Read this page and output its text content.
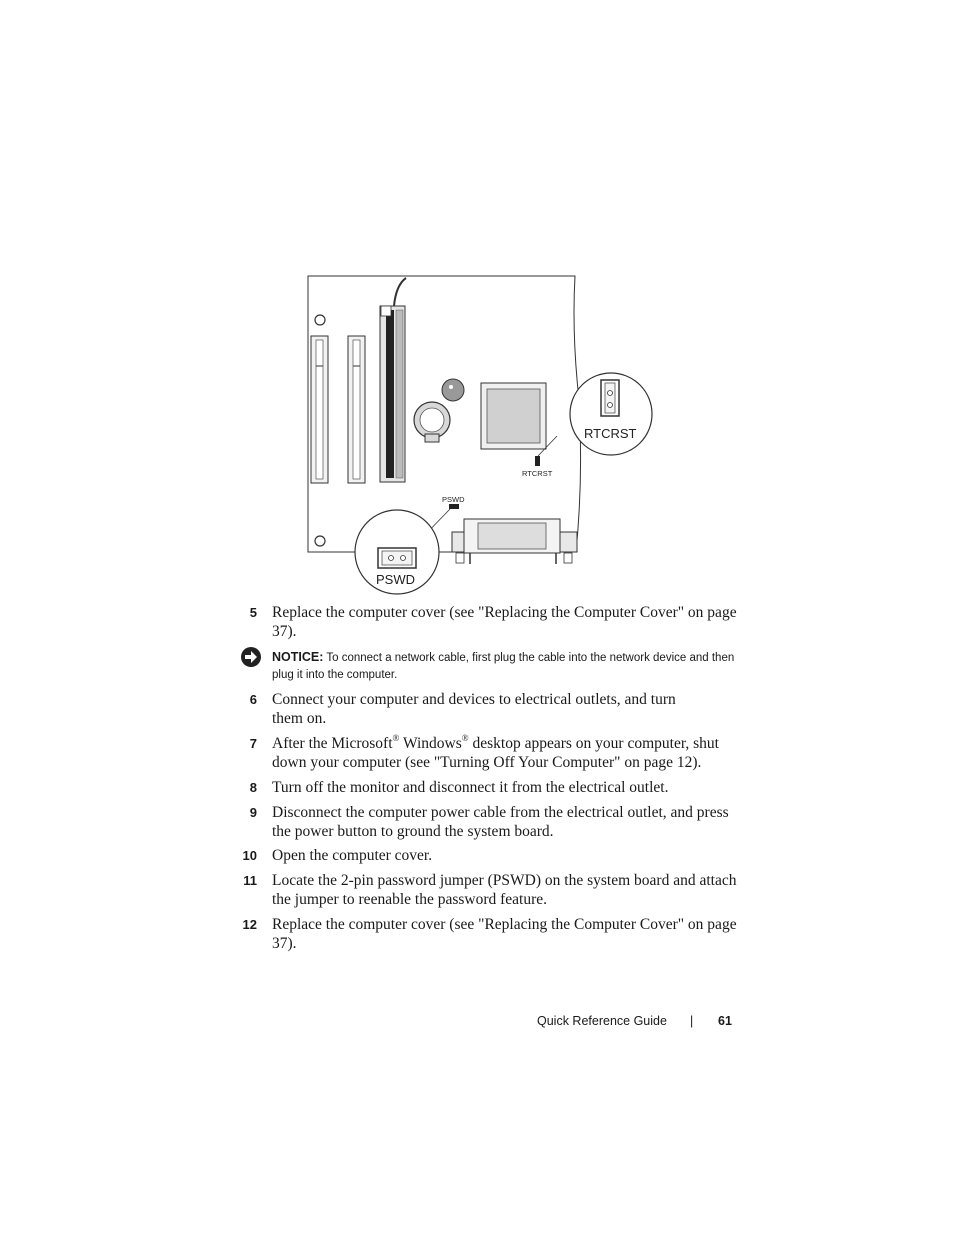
RTCRST
RTCRST
PSWD
PSWD
5 Replace the computer cover (see "Replacing the Computer Cover" on page 37).
NOTICE: To connect a network cable, first plug the cable into the network device and then plug it into the computer.
6 Connect your computer and devices to electrical outlets, and turn them on.
7 After the Microsoft® Windows® desktop appears on your computer, shut down your computer (see "Turning Off Your Computer" on page 12).
8 Turn off the monitor and disconnect it from the electrical outlet.
9 Disconnect the computer power cable from the electrical outlet, and press the power button to ground the system board.
10 Open the computer cover.
11 Locate the 2-pin password jumper (PSWD) on the system board and attach the jumper to reenable the password feature.
12 Replace the computer cover (see "Replacing the Computer Cover" on page 37).
Quick Reference Guide | 61
